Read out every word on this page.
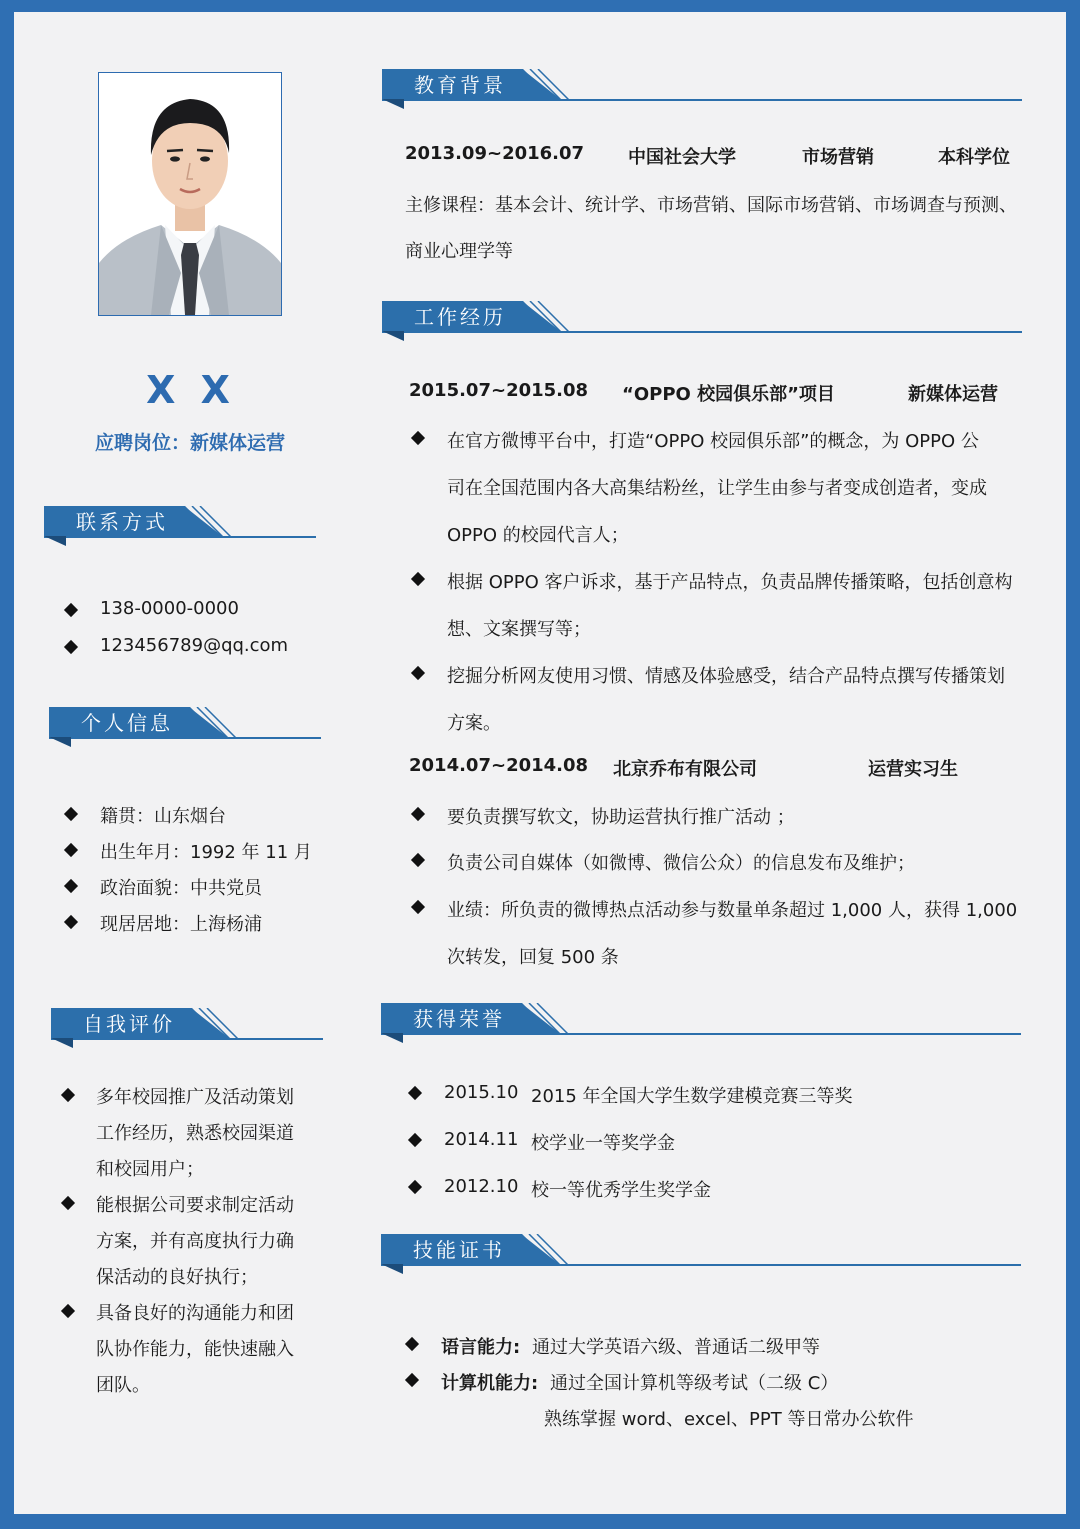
X X
应聘岗位：新媒体运营
联系方式
138-0000-0000
123456789@qq.com
个人信息
籍贯：山东烟台
出生年月：1992 年 11 月
政治面貌：中共党员
现居居地：上海杨浦
自我评价
多年校园推广及活动策划
工作经历，熟悉校园渠道
和校园用户；
能根据公司要求制定活动
方案，并有高度执行力确
保活动的良好执行；
具备良好的沟通能力和团
队协作能力，能快速融入
团队。
教育背景
2013.09~2016.07 中国社会大学	市场营销	本科学位
主修课程：基本会计、统计学、市场营销、国际市场营销、市场调查与预测、
商业心理学等
工作经历
2015.07~2015.08 “OPPO 校园俱乐部”项目	新媒体运营
在官方微博平台中，打造“OPPO 校园俱乐部”的概念，为 OPPO 公
司在全国范围内各大高集结粉丝，让学生由参与者变成创造者，变成
OPPO 的校园代言人；
根据 OPPO 客户诉求，基于产品特点，负责品牌传播策略，包括创意构
想、文案撰写等；
挖掘分析网友使用习惯、情感及体验感受，结合产品特点撰写传播策划
方案。
2014.07~2014.08 北京乔布有限公司	运营实习生
要负责撰写软文，协助运营执行推广活动 ；
负责公司自媒体（如微博、微信公众）的信息发布及维护；
业绩：所负责的微博热点活动参与数量单条超过 1,000 人，获得 1,000
次转发，回复 500 条
获得荣誉
2015.10 2015 年全国大学生数学建模竞赛三等奖
2014.11 校学业一等奖学金
2012.10 校一等优秀学生奖学金
技能证书
语言能力: 通过大学英语六级、普通话二级甲等
计算机能力: 通过全国计算机等级考试（二级 C）
熟练掌握 word、excel、PPT 等日常办公软件
